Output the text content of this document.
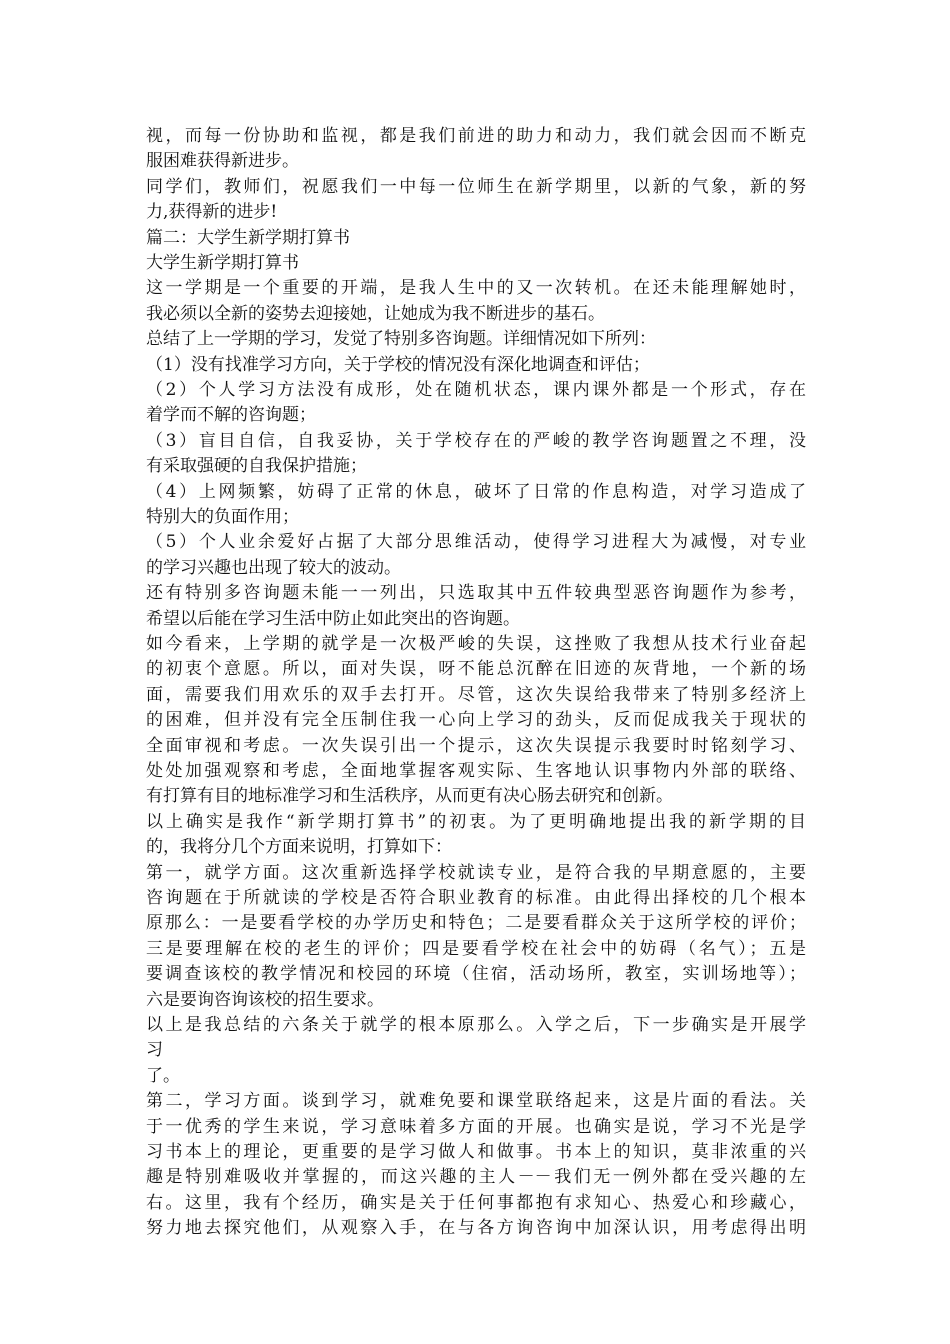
视，而每一份协助和监视，都是我们前进的助力和动力，我们就会因而不断克
服困难获得新进步。
同学们，教师们，祝愿我们一中每一位师生在新学期里，以新的气象，新的努
力,获得新的进步!
篇二：大学生新学期打算书
大学生新学期打算书
这一学期是一个重要的开端，是我人生中的又一次转机。在还未能理解她时，
我必须以全新的姿势去迎接她，让她成为我不断进步的基石。
总结了上一学期的学习，发觉了特别多咨询题。详细情况如下所列：
（1）没有找准学习方向，关于学校的情况没有深化地调查和评估；
（2）个人学习方法没有成形，处在随机状态，课内课外都是一个形式，存在
着学而不解的咨询题；
（3）盲目自信，自我妥协，关于学校存在的严峻的教学咨询题置之不理，没
有采取强硬的自我保护措施；
（4）上网频繁，妨碍了正常的休息，破坏了日常的作息构造，对学习造成了
特别大的负面作用；
（5）个人业余爱好占据了大部分思维活动，使得学习进程大为减慢，对专业
的学习兴趣也出现了较大的波动。
还有特别多咨询题未能一一列出，只选取其中五件较典型恶咨询题作为参考，
希望以后能在学习生活中防止如此突出的咨询题。
如今看来，上学期的就学是一次极严峻的失误，这挫败了我想从技术行业奋起
的初衷个意愿。所以，面对失误，呀不能总沉醉在旧迹的灰背地，一个新的场
面，需要我们用欢乐的双手去打开。尽管，这次失误给我带来了特别多经济上
的困难，但并没有完全压制住我一心向上学习的劲头，反而促成我关于现状的
全面审视和考虑。一次失误引出一个提示，这次失误提示我要时时铭刻学习、
处处加强观察和考虑，全面地掌握客观实际、生客地认识事物内外部的联络、
有打算有目的地标准学习和生活秩序，从而更有决心肠去研究和创新。
以上确实是我作“新学期打算书”的初衷。为了更明确地提出我的新学期的目
的，我将分几个方面来说明，打算如下：
第一，就学方面。这次重新选择学校就读专业，是符合我的早期意愿的，主要
咨询题在于所就读的学校是否符合职业教育的标准。由此得出择校的几个根本
原那么：一是要看学校的办学历史和特色；二是要看群众关于这所学校的评价；
三是要理解在校的老生的评价；四是要看学校在社会中的妨碍（名气）；五是
要调查该校的教学情况和校园的环境（住宿，活动场所，教室，实训场地等）；
六是要询咨询该校的招生要求。
以上是我总结的六条关于就学的根本原那么。入学之后，下一步确实是开展学
习
了。
第二，学习方面。谈到学习，就难免要和课堂联络起来，这是片面的看法。关
于一优秀的学生来说，学习意味着多方面的开展。也确实是说，学习不光是学
习书本上的理论，更重要的是学习做人和做事。书本上的知识，莫非浓重的兴
趣是特别难吸收并掌握的，而这兴趣的主人－－我们无一例外都在受兴趣的左
右。这里，我有个经历，确实是关于任何事都抱有求知心、热爱心和珍藏心，
努力地去探究他们，从观察入手，在与各方询咨询中加深认识，用考虑得出明
